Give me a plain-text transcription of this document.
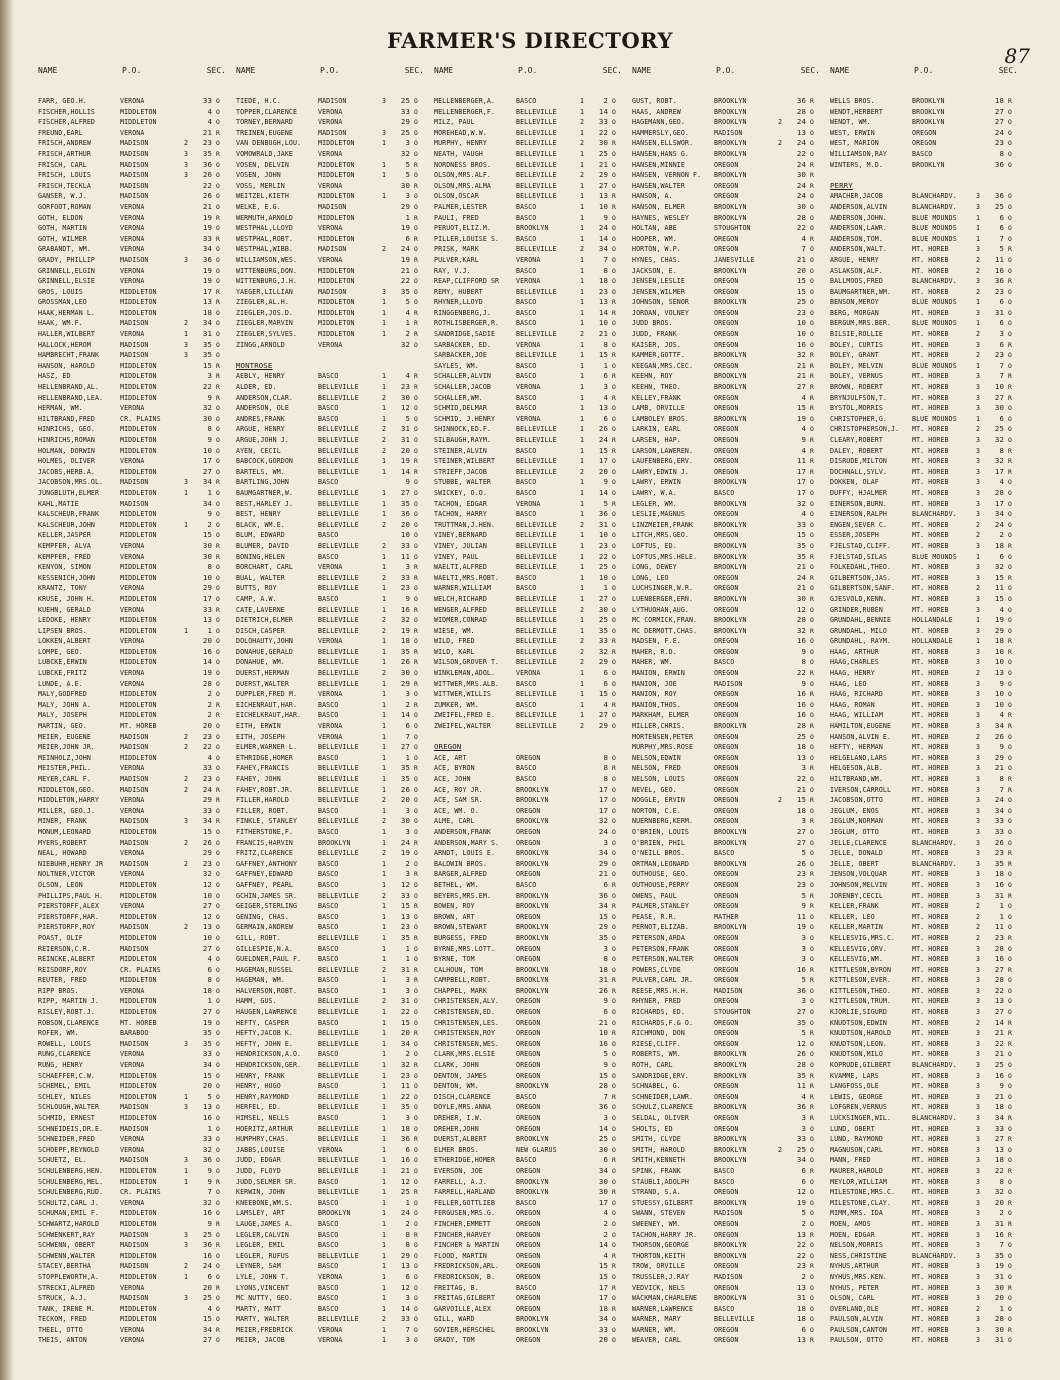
FARMER'S DIRECTORY
87
NAME	P.O.	SEC.
FARR, GEO.H.	VERONA	33 O
FISCHER,HOLLIS	MIDDLETON	4 O
FISCHER,ALFRED	MIDDLETON	4 O
FREUND,EARL	VERONA	21 R
FRISCH,ANDREW	MADISON	2	23 O
FRISCH,ARTHUR	MADISON	3	35 R
FRISCH, CARL	MADISON	3	36 O
FRISCH, LOUIS	MADISON	3	26 O
FRISCH,TECKLA	MADISON	22 O
GANSER, W.J.	MADISON	26 O
GORFOOT,ROMAN	VERONA	21 O
GOTH, ELDON	VERONA	19 R
GOTH, MARTIN	VERONA	19 O
GOTH, WILMER	VERONA	33 R
GRABANDT, WM.	VERONA	34 O
GRADY, PHILLIP	MADISON	3	36 O
GRINNELL,ELGIN	VERONA	19 O
GRINNELL,ELSIE	VERONA	19 O
GROS, LOUIS	MIDDLETON	17 R
GROSSMAN,LEO	MIDDLETON	13 R
HAAK,HERMAN L.	MIDDLETON	18 O
HAAK, WM.F.	MADISON	2	34 O
HALLER,WILBERT	VERONA	1	31 O
HALLOCK,HEROM	MADISON	3	35 O
HAMBRECHT,FRANK	MADISON	3	35 O
HANSON, HAROLD	MIDDLETON	15 R
HASZ, ED	MIDDLETON	3 R
HELLENBRAND,AL.	MIDDLETON	22 R
HELLENBRAND,LEA.	MIDDLETON	9 R
HERMAN, WM.	VERONA	32 O
HILTBRAND,FRED	CR. PLAINS	30 O
HINRICHS, GEO.	MIDDLETON	8 O
HINRICHS,ROMAN	MIDDLETON	9 O
HOLMAN, DORWIN	MIDDLETON	10 O
HOLMES, OLIVER	VERONA	17 O
JACOBS,HERB.A.	MIDDLETON	27 O
JACOBSON,MRS.OL.	MADISON	3	34 R
JUNGBLUTH,ELMER	MIDDLETON	1	1 O
KAHL,MATIE	MADISON	34 O
KALSCHEUR,FRANK	MIDDLETON	9 O
KALSCHEUR,JOHN	MIDDLETON	1	2 O
KELLER,JASPER	MIDDLETON	15 O
KEMPFER, ALVA	VERONA	30 R
KEMPFER, FRED	VERONA	30 R
KENYON, SIMON	MIDDLETON	8 O
KESSENICH,JOHN	MIDDLETON	10 O
KRANTZ, TONY	VERONA	29 O
KRUSE, JOHN H.	MIDDLETON	17 O
KUEHN, GERALD	VERONA	33 R
LEDOKE, HENRY	MIDDLETON	13 O
LIPSEN BROS.	MIDDLETON	1	1 O
LOKKEN,ALBERT	VERONA	20 O
LOMPE, GEO.	MIDDLETON	16 O
LUBCKE,ERWIN	MIDDLETON	14 O
LUBCKE,FRITZ	VERONA	19 O
LUNDE, A.E.	VERONA	28 O
MALY,GODFRED	MIDDLETON	2 O
MALY, JOHN A.	MIDDLETON	2 R
MALY, JOSEPH	MIDDLETON	2 R
MARTIN, GEO.	MT. HOREB	20 O
MEIER, EUGENE	MADISON	2	23 O
MEIER,JOHN JR.	MADISON	2	22 O
MEINHOLZ,JOHN	MIDDLETON	4 O
MEISTER,PHIL.	VERONA	33 O
MEYER,CARL F.	MADISON	2	23 O
MIDDLETON,GEO.	MADISON	2	24 R
MIDDLETON,HARRY	VERONA	29 R
MILLER, GEO.J.	VERONA	33 O
MINER, FRANK	MADISON	3	34 R
MONUM,LEONARD	MIDDLETON	15 O
MYERS,ROBERT	MADISON	2	26 O
NEAL, HOWARD	VERONA	29 O
NIEBUHR,HENRY JR	MADISON	2	23 O
NOLTNER,VICTOR	VERONA	32 O
OLSON, LEON	MIDDLETON	12 O
PHILLIPS,PAUL H.	MIDDLETON	10 O
PIERSTORFF,ALEX	VERONA	27 O
PIERSTORFF,HAR.	MIDDLETON	12 O
PIERSTORFF,ROY	MADISON	2	13 O
POAST, OLIF	MIDDLETON	10 O
REIERSON,C.R.	MADISON	27 O
REINCKE,ALBERT	MIDDLETON	4 O
REISDORF,ROY	CR. PLAINS	6 O
REUTER, FRED	MIDDLETON	8 O
RIPP BROS.	VERONA	18 O
RIPP, MARTIN J.	MIDDLETON	1 O
RISLEY,ROBT.J.	MIDDLETON	27 O
ROBSON,CLARENCE	MT. HOREB	19 O
ROFER, WM.	BARABOO	35 O
ROWELL, LOUIS	MADISON	3	35 O
RUNG,CLARENCE	VERONA	33 O
RUNG, HENRY	VERONA	34 O
SCHAEFFER,C.W.	MIDDLETON	15 O
SCHEMEL, EMIL	MIDDLETON	20 O
SCHLEY, NILES	MIDDLETON	1	5 O
SCHLOUGH,WALTER	MADISON	3	13 O
SCHMID, ERNEST	MIDDLETON	16 O
SCHNEIDEIS,DR.E.	MADISON	1 O
SCHNEIDER,FRED	VERONA	33 O
SCHOEPF,REYNOLD	VERONA	32 O
SCHUETZ, EL.	MADISON	3	36 O
SCHULENBERG,HEN.	MIDDLETON	1	9 O
SCHULENBERG,MEL.	MIDDLETON	1	9 R
SCHULENBERG,RUD.	CR. PLAINS	7 O
SCHULTZ,CARL J.	VERONA	32 O
SCHUMAN,EMIL F.	MIDDLETON	16 O
SCHWARTZ,HAROLD	MIDDLETON	9 R
SCHWENKERT,RAY	MADISON	3	25 O
SCHWENN, OBERT	MADISON	3	36 R
SCHWENN,WALTER	MIDDLETON	16 O
STACEY,BERTHA	MADISON	2	24 O
STOPPLEWORTH,A.	MIDDLETON	1	6 O
STRECKI,ALFRED	VERONA	20 R
STRUCK, A.J.	MADISON	3	25 O
TANK, IRENE M.	MIDDLETON	4 O
TECKOM, FRED	MIDDLETON	15 O
THEEL, OTTO	VERONA	34 R
THEIS, ANTON	VERONA	27 O
NAME	P.O.	SEC.
TIEDE, H.C.	MADISON	3	25 O
TOPPER,CLARENCE	VERONA	33 O
TORNEY,BERNARD	VERONA	29 O
TREINEN,EUGENE	MADISON	3	25 O
VAN DENBUGH,LOU.	MIDDLETON	1	3 O
VOMOWRALD,JAKE	VERONA	32 O
VOSEN, DELVIN	MIDDLETON	1	5 R
VOSEN, JOHN	MIDDLETON	1	5 O
VOSS, MERLIN	VERONA	30 R
WEITZEL,KIETH	MIDDLETON	1	3 O
WELKE, E.G.	MADISON	29 O
WERMUTH,ARNOLD	MIDDLETON	1 R
WESTPHAL,LLOYD	VERONA	19 O
WESTPHAL,ROBT.	MIDDLETON	6 R
WESTPHAL,WIBB.	MADISON	2	24 O
WILLIAMSON,WES.	VERONA	19 R
WITTENBURG,DON.	MIDDLETON	21 O
WITTENBURG,J.H.	MIDDLETON	22 O
YAEGER,LILLIAN	MADISON	3	35 O
ZIEGLER,AL.H.	MIDDLETON	1	5 O
ZIEGLER,JOS.D.	MIDDLETON	1	4 R
ZIEGLER,MARVIN	MIDDLETON	1	1 R
ZIEGLER,SYLVES.	MIDDLETON	1	2 R
ZINGG,ARNOLD	VERONA	32 O
MONTROSE
AEBLY, HENRY	BASCO	1	4 R
ALDER, ED.	BELLEVILLE	1	23 R
ANDERSON,CLAR.	BELLEVILLE	2	30 O
ANDERSON, OLE	BASCO	1	12 O
ANDRES,FRANK	BASCO	1	5 O
ARGUE, HENRY	BELLEVILLE	2	31 O
ARGUE,JOHN J.	BELLEVILLE	2	31 O
AYEN, CECIL	BELLEVILLE	2	20 O
BABCOCK,GORDON	BELLEVILLE	1	19 R
BARTELS, WM.	BELLEVILLE	1	14 R
BARTLING,JOHN	BASCO	9 O
BAUMGARTNER,W.	BELLEVILLE	1	27 O
BEST,HARLEY J.	BELLEVILLE	1	35 O
BEST, HENRY	BELLEVILLE	1	36 O
BLACK, WM.E.	BELLEVILLE	2	20 O
BLUM, EDWARD	BASCO	10 O
BLUMER, DAVID	BELLEVILLE	2	33 O
BONING,HELEN	BASCO	1	11 O
BORCHART, CARL	VERONA	1	3 R
BUAL, WALTER	BELLEVILLE	2	33 R
BUTTS, ROY	BELLEVILLE	1	23 O
CAMP, A.W.	BASCO	1	9 O
CATE,LAVERNE	BELLEVILLE	1	16 R
DIETRICH,ELMER	BELLEVILLE	2	32 O
DISCH,CASPER	BELLEVILLE	2	19 R
DOLOHAUTY,JOHN	VERONA	1	18 O
DONAHUE,GERALD	BELLEVILLE	1	35 R
DONAHUE, WM.	BELLEVILLE	1	26 R
DUERST,HERMAN	BELLEVILLE	2	30 O
DUERST,WALTER	BELLEVILLE	1	29 R
DUPPLER,FRED M.	VERONA	1	3 O
EICHENRAUT,HAR.	BASCO	1	2 R
EICHELKRAUT,HAR.	BASCO	1	14 O
EITH, ERWIN	VERONA	1	6 O
EITH, JOSEPH	VERONA	1	7 O
ELMER,WARNER L.	BELLEVILLE	1	27 O
ETHRIDGE,HOMER	BASCO	1	1 O
FAHEY,FRANCIS	BELLEVILLE	1	35 R
FAHEY, JOHN	BELLEVILLE	1	35 O
FAHEY,ROBT.JR.	BELLEVILLE	1	26 O
FILLER,HAROLD	BELLEVILLE	2	20 O
FILLER, ROBT.	BASCO	1	3 O
FINKLE, STANLEY	BELLEVILLE	2	30 O
FITHERSTONE,F.	BASCO	1	3 O
FRANCIS,HARVIN	BROOKLYN	1	24 R
FRITZ,CLARENCE	BELLEVILLE	2	19 O
GAFFNEY,ANTHONY	BASCO	1	2 O
GAFFNEY,EDWARD	BASCO	1	3 R
GAFFNEY, PEARL	BASCO	1	12 O
GCHIN,JAMES SR.	BELLEVILLE	2	33 O
GEIGER,STERLING	BASCO	1	15 R
GENING, CHAS.	BASCO	1	13 O
GERMAIN,ANDREW	BASCO	1	23 O
GILL, ROBT.	BELLEVILLE	1	35 R
GILLESPIE,N.A.	BASCO	1	1 O
GUELDNER,PAUL F.	BASCO	1	1 O
HAGEMAN,RUSSEL	BELLEVILLE	2	31 R
HAGEMAN, WM.	BASCO	1	3 R
HALVERSON,ROBT.	BASCO	1	3 O
HAMM, GUS.	BELLEVILLE	2	31 O
HAUGEN,LAWRENCE	BELLEVILLE	1	22 O
HEFTY, CASPER	BASCO	1	15 O
HEFTY,JACOB K.	BELLEVILLE	1	20 R
HEFTY, JOHN E.	BELLEVILLE	1	34 O
HENDRICKSON,A.O.	BASCO	1	2 O
HENDRICKSON,GER.	BELLEVILLE	1	32 R
HENRY, FRANK	BELLEVILLE	1	23 O
HENRY, HUGO	BASCO	1	11 O
HENRY,RAYMOND	BELLEVILLE	1	22 O
HERFEL, ED.	BELLEVILLE	1	35 O
HIMSEL, NELLS	BASCO	1	3 O
HOERITZ,ARTHUR	BELLEVILLE	1	18 O
HUMPHRY,CHAS.	BELLEVILLE	1	36 R
JABBS,LOUISE	VERONA	1	6 O
JUDD, EDGAR	BELLEVILLE	1	16 O
JUDD, FLOYD	BELLEVILLE	1	21 O
JUDD,SELMER SR.	BASCO	1	12 O
KERWIN, JOHN	BELLEVILLE	1	25 R
KNEEBONE,WM.S.	BASCO	1	1 O
LAMSLEY, ART	BROOKLYN	1	24 O
LAUGE,JAMES A.	BASCO	1	2 O
LEGLER,CALVIN	BASCO	1	8 R
LEGLER, EMIL	BASCO	1	8 O
LEGLER, RUFUS	BELLEVILLE	1	29 O
LEYNER, SAM	BASCO	1	13 O
LYLE, JOHN T.	VERONA	1	6 O
LYONS,VINCENT	BASCO	1	12 O
MC NUTTY, GEO.	BASCO	1	3 O
MARTY, MATT	BASCO	1	14 O
MARTY, WALTER	BELLEVILLE	2	33 O
MEIER,FREDRICK	VERONA	1	7 O
MEIER, JACOB	VERONA	1	3 O
NAME	P.O.	SEC.
MELLENBERGER,A.	BASCO	1	2 O
MELLENBERGER,F.	BELLEVILLE	1	14 O
MILZ, PAUL	BELLEVILLE	2	33 O
MOREHEAD,W.W.	BELLEVILLE	1	22 O
MURPHY, HENRY	BELLEVILLE	2	30 R
NEATH, VAUGH	BELLEVILLE	1	25 O
NORDNESS BROS.	BELLEVILLE	1	21 O
OLSON,MRS.ALF.	BELLEVILLE	2	29 O
OLSON,MRS.ALMA	BELLEVILLE	1	27 O
OLSON,OSCAR	BELLEVILLE	1	13 R
PALMER,LESTER	BASCO	1	10 R
PAULI, FRED	BASCO	1	9 O
PERUOT,ELIZ.M.	BROOKLYN	1	24 O
PILLER,LOUISE S.	BASCO	1	14 O
PRISK, MARK	BELLEVILLE	2	34 O
PULVER,KARL	VERONA	1	7 O
RAY, V.J.	BASCO	1	8 O
REAP,CLIFFORD SR	VERONA	1	18 O
REMY, HUBERT	BELLEVILLE	1	23 O
RHYNER,LLOYD	BASCO	1	13 R
RINGGENBERG,J.	BASCO	1	14 R
ROTHLISBERGER,R.	BASCO	1	10 O
SANDRIDGE,SADIE	BELLEVILLE	2	21 O
SARBACKER, ED.	VERONA	1	8 O
SARBACKER,JOE	BELLEVILLE	1	15 R
SAYLES, WM.	BASCO	1	1 O
SCHALLER,ALVIN	BASCO	1	6 R
SCHALLER,JACOB	VERONA	1	3 O
SCHALLER,WM.	BASCO	1	4 R
SCHMID,DELMAR	BASCO	1	13 O
SCHMID, J.HENRY	VERONA	1	6 O
SHINNOCK,ED.F.	BELLEVILLE	1	26 O
SILBAUGH,RAYM.	BELLEVILLE	1	24 R
STEINER,ALVIN	BASCO	1	15 R
STEINER,WILBERT	BELLEVILLE	1	17 O
STRIEFF,JACOB	BELLEVILLE	2	20 O
STUBBE, WALTER	BASCO	1	9 O
SWICKEY, O.O.	BASCO	1	14 O
TACHON, EDGAR	VERONA	1	5 R
TACHON, HARRY	BASCO	1	36 O
TRUTTMAN,J.HEN.	BELLEVILLE	2	31 O
VINEY,BERNARD	BELLEVILLE	1	10 O
VINEY, JULIAN	BELLEVILLE	1	23 O
VINEY, PAUL	BELLEVILLE	1	22 O
WAELTI,ALFRED	BELLEVILLE	1	25 O
WAELTI,MRS.ROBT.	BASCO	1	10 O
WARNER,WILLIAM	BASCO	1	1 O
WELCH,RICHARD	BELLEVILLE	1	27 O
WENGER,ALFRED	BELLEVILLE	2	30 O
WIDMER,CONRAD	BELLEVILLE	1	25 O
WIESE, WM.	BELLEVILLE	1	35 O
WILD, FRED	BELLEVILLE	2	33 R
WILD, KARL	BELLEVILLE	2	32 R
WILSON,GROVER T.	BELLEVILLE	2	29 O
WINKLEMAN,ADOL.	VERONA	1	6 O
WITTWER,MRS.ALB.	BASCO	1	6 O
WITTWER,WILLIS	BELLEVILLE	1	15 O
ZUMKER, WM.	BASCO	1	4 R
ZWEIFEL,FRED E.	BELLEVILLE	1	27 O
ZWEIFEL,WALTER	BELLEVILLE	2	29 O
OREGON
ACE, ART	OREGON	8 O
ACE, BYRON	BASCO	8 R
ACE, JOHN	BASCO	8 O
ACE, ROY JR.	BROOKLYN	17 O
ACE, SAM SR.	BROOKLYN	17 O
ACE, WM. O.	OREGON	17 O
ALME, CARL	BROOKLYN	32 O
ANDERSON,FRANK	OREGON	24 O
ANDERSON,MARY S.	OREGON	3 O
ARNDT, LOUIS E.	BROOKLYN	34 O
BALDWIN BROS.	BROOKLYN	29 O
BARGER,ALFRED	OREGON	21 O
BETHEL, WM.	BASCO	6 R
BEYERS,MRS.EM.	BROOKLYN	36 O
BOWEN, ROY	BROOKLYN	34 R
BROWN, ART	OREGON	15 O
BROWN,STEWART	BROOKLYN	29 O
BURGESS, FRED	BROOKLYN	35 O
BYRNE,MRS.LOTT.	OREGON	3 O
BYRNE, TOM	OREGON	8 O
CALHOUN, TOM	BROOKLYN	18 O
CAMPBELL,ROBT.	BROOKLYN	31 R
CHAPPEL, MARK	BROOKLYN	26 R
CHRISTENSEN,ALV.	OREGON	9 O
CHRISTENSEN,ED.	OREGON	6 O
CHRISTENSEN,LES.	OREGON	21 O
CHRISTENSEN,ROY	OREGON	10 R
CHRISTENSEN,WES.	OREGON	16 O
CLARK,MRS.ELSIE	OREGON	5 O
CLARK, JOHN	OREGON	9 O
DENTON, JAMES	OREGON	15 O
DENTON, WM.	BROOKLYN	28 O
DISCH,CLARENCE	BASCO	7 R
DOYLE,MRS.ANNA	OREGON	36 O
DREHER, I.W.	OREGON	3 O
DREHER,JOHN	OREGON	14 O
DUERST,ALBERT	BROOKLYN	25 O
ELMER BROS.	NEW GLARUS	30 O
ETHERIDGE,HOMER	BASCO	6 R
EVERSON, JOE	OREGON	34 O
FARRELL, A.J.	BROOKLYN	30 O
FARRELL,HARLAND	BROOKLYN	30 R
FELLER,GOTTLIEB	BASCO	17 O
FERGUSEN,MRS.G.	OREGON	4 O
FINCHER,EMMETT	OREGON	2 O
FINCHER,HARVEY	OREGON	2 O
FINCHER & MARTIN	OREGON	14 O
FLOOD, MARTIN	OREGON	4 R
FREDRICKSON,ARL.	OREGON	15 R
FREDRICKSON, B.	OREGON	15 O
FREITAG, B.	BASCO	17 R
FREITAG,GILBERT	OREGON	17 O
GARVOILLE,ALEX	OREGON	18 R
GILL, WARD	BROOKLYN	34 O
GOVIER,HERSCHEL	BROOKLYN	33 O
GRADY, TOM	OREGON	20 O
NAME	P.O.	SEC.
GUST, ROBT.	BROOKLYN	36 R
HAAS, ANDREW	BROOKLYN	28 O
HAGEMANN,GEO.	BROOKLYN	2	24 O
HAMMERSLY,GEO.	MADISON	13 O
HANSEN,ELLSWOR.	BROOKLYN	2	24 O
HANSEN,HANS G.	BROOKLYN	22 O
HANSEN,MINNIE	OREGON	24 R
HANSEN, VERNON F.	BROOKLYN	30 R
HANSEN,WALTER	OREGON	24 R
HANSON, A.	OREGON	24 O
HANSON, ELMER	BROOKLYN	30 O
HAYNES, WESLEY	BROOKLYN	28 O
HOLTAN, ABE	STOUGHTON	22 O
HOOPER, WM.	OREGON	4 R
HORTON, W.P.	OREGON	7 O
HYNES, CHAS.	JANESVILLE	21 O
JACKSON, E.	BROOKLYN	20 O
JENSEN,LESLIE	OREGON	15 O
JENSEN,WILMER	OREGON	15 O
JOHNSON, SENOR	BROOKLYN	25 O
JORDAN, VOLNEY	OREGON	23 O
JUDD BROS.	OREGON	10 O
JUDD, FRANK	OREGON	10 O
KAISER, JOS.	OREGON	16 O
KAMMER,GOTTF.	BROOKLYN	32 R
KEEGAN,MRS.CEC.	OREGON	21 R
KEEHN, ROY	BROOKLYN	21 R
KEEHN, THEO.	BROOKLYN	27 R
KELLEY,FRANK	OREGON	4 R
LAMB, ORVILLE	OREGON	15 R
LAMBOLEY BROS.	BROOKLYN	19 O
LARKIN, EARL	OREGON	4 O
LARSEN, HAP.	OREGON	9 R
LARSON,LAWEREN.	OREGON	4 R
LAUFENBERG,ERV.	OREGON	11 R
LAWRY,EDWIN J.	OREGON	17 R
LAWRY, ERWIN	BROOKLYN	17 O
LAWRY, W.A.	BASCO	17 O
LEGLER, WM.	BROOKLYN	32 O
LESLIE,MAGNUS	OREGON	4 O
LINZMEIER,FRANK	BROOKLYN	33 O
LITCH,MRS.GEO.	OREGON	15 O
LOFTUS, ED.	BROOKLYN	35 O
LOFTUS,MRS.HELE.	BROOKLYN	35 R
LONG, DEWEY	BROOKLYN	21 O
LONG, LEO	OREGON	24 R
LUCHSINGER,W.R.	OREGON	21 O
LUENBERGER,ERN.	BROOKLYN	30 R
LYTHUOHAN,AUG.	OREGON	12 O
MC CORMICK,FRAN.	BROOKLYN	28 O
MC DERMOTT,CHAS.	BROOKLYN	32 R
MADSEN, F.E.	OREGON	16 O
MAHER, R.D.	OREGON	9 O
MAHER, WM.	BASCO	8 O
MANION, ERWIN	OREGON	22 R
MANION, JOE	MADISON	9 O
MANION, ROY	OREGON	16 R
MANION,THOS.	OREGON	16 O
MARKHAM, ELMER	OREGON	16 O
MILLER,CHRIS.	BROOKLYN	28 R
MORTENSEN,PETER	OREGON	25 O
MURPHY,MRS.ROSE	OREGON	18 O
NELSON,EDWIN	OREGON	13 O
NELSON, FRED	OREGON	3 R
NELSON, LOUIS	OREGON	22 O
NEVEL, GEO.	OREGON	21 O
NOGGLE, ERVIN	OREGON	2	15 R
NORTON, C.E.	OREGON	18 O
NUERNBERG,KERM.	OREGON	3 R
O'BRIEN, LOUIS	BROOKLYN	27 O
O'BRIEN, PHIL	BROOKLYN	27 O
O'NEILL BROS.	BASCO	5 O
ORTMAN,LEONARD	BROOKLYN	26 O
OUTHOUSE, GEO.	OREGON	23 R
OUTHOUSE,PERRY	OREGON	23 O
OWENS, PAUL	OREGON	5 R
PALMER,STANLEY	OREGON	9 R
PEASE, R.R.	MATHER	11 O
PERNOT,ELIZAB.	BROOKLYN	19 O
PETERSON,ARDA	OREGON	3 O
PETERSON,FRANK	OREGON	3 O
PETERSON,WALTER	OREGON	3 O
POWERS,CLYDE	OREGON	16 R
PULVER,CARL JR.	OREGON	5 R
REESE,MRS.H.H.	MADISON	36 O
RHYNER, FRED	OREGON	3 O
RICHARDS, ED.	STOUGHTON	27 O
RICHARDS,F.& O.	OREGON	35 O
RICHMOND, DON	OREGON	5 R
RIESE,CLIFF.	OREGON	12 O
ROBERTS, WM.	BROOKLYN	26 O
ROTH, CARL	BROOKLYN	28 O
SANDRIDGE,ERV.	BROOKLYN	35 R
SCHNABEL, G.	OREGON	11 R
SCHNEIDER,LAWR.	OREGON	4 R
SCHULZ,CLARENCE	BROOKLYN	36 R
SELDAL, OLIVER	OREGON	3 R
SHOLTS, ED	OREGON	3 O
SMITH, CLYDE	BROOKLYN	33 O
SMITH, HAROLD	BROOKLYN	2	25 O
SMITH,KENNETH	BROOKLYN	34 O
SPINK, FRANK	BASCO	6 R
STAUBLI,ADOLPH	BASCO	6 O
STRAND, S.A.	OREGON	12 O
STUESSY,GILBERT	BROOKLYN	19 O
SWANN, STEVEN	MADISON	5 O
SWEENEY, WM.	OREGON	2 O
TACHON,HARRY JR.	OREGON	13 R
THORSON,GEORGE	BROOKLYN	22 O
THORTON,KEITH	BROOKLYN	22 O
TROW, ORVILLE	OREGON	23 R
TRUSSLER,J.RAY	MADISON	2 O
VEDVICK, NELS	OREGON	13 O
WACKMAN,CHARLENE	BROOKLYN	31 O
WARNER,LAWRENCE	BASCO	18 O
WARNER, MARY	BELLEVILLE	18 O
WARNER, WM.	OREGON	6 O
WEAVER, CARL	OREGON	13 R
NAME	P.O.	SEC.
WELLS BROS.	BROOKLYN	18 R
WENDT,HERBERT	BROOKLYN	27 O
WENDT, WM.	BROOKLYN	27 O
WEST, ERWIN	OREGON	24 O
WEST, MARION	OREGON	23 O
WILLIAMSON,RAY	BASCO	8 O
WINTERS, M.D.	BROOKLYN	36 O
PERRY
AMACHER,JACOB	BLANCHARDV.	3	36 O
ANDERSON,ALVIN	BLANCHARDV.	3	25 O
ANDERSON,JOHN.	BLUE MOUNDS	1	6 O
ANDERSON,LAWR.	BLUE MOUNDS	1	6 O
ANDERSON,TOM.	BLUE MOUNDS	1	7 O
ANDERSON,WALT.	MT. HOREB	3	5 R
ARGUE, HENRY	MT. HOREB	2	11 O
ASLAKSON,ALF.	MT. HOREB	2	16 O
BALLMOOS,FRED	BLANCHARDV.	3	36 R
BAUMGARTNER,WM.	MT. HOREB	2	23 O
BENSON,MEROY	BLUE MOUNDS	1	6 O
BERG, MORGAN	MT. HOREB	3	31 O
BERGUM,MRS.BER.	BLUE MOUNDS	1	6 O
BILSIE,ROLLIE	MT. HOREB	2	3 O
BOLEY, CURTIS	MT. HOREB	3	6 R
BOLEY, GRANT	MT. HOREB	2	23 O
BOLEY, MELVIN	BLUE MOUNDS	1	7 O
BOLEY, VERNUS	MT. HOREB	3	7 R
BROWN, ROBERT	MT. HOREB	3	10 R
BRYNJULFSON,T.	MT. HOREB	3	27 R
BYSTOL,MORRIS	MT. HOREB	3	30 O
CHRISTOPHER,G.	BLUE MOUNDS	1	6 O
CHRISTOPHERSON,J.	MT. HOREB	2	25 O
CLEARY,ROBERT	MT. HOREB	3	32 O
DALEY, ROBERT	MT. HOREB	3	8 R
DISRUDE,MILTON	MT. HOREB	3	32 R
DOCHNALL,SYLV.	MT. HOREB	3	17 R
DOKKEN, OLAF	MT. HOREB	3	4 O
DUFFY, HJALMER	MT. HOREB	3	28 O
EINERSON,BURN.	MT. HOREB	3	17 O
EINERSON,RALPH	BLANCHARDV.	3	34 O
ENGEN,SEVER C.	MT. HOREB	2	24 O
ESSER,JOSEPH	MT. HOREB	2	2 O
FJELSTAD,CLIFF.	MT. HOREB	3	18 R
FJELSTAD,SILAS	BLUE MOUNDS	1	6 O
FOLKEDAHL,THEO.	MT. HOREB	3	32 O
GILBERTSON,JAS.	MT. HOREB	3	15 R
GILBERTSON,SANF.	MT. HOREB	2	11 O
GJESVOLD,KENN.	MT. HOREB	3	15 O
GRINDER,RUBEN	MT. HOREB	3	4 O
GRUNDAHL,BENNIE	HOLLANDALE	1	19 O
GRUNDAHL, MILO	MT. HOREB	3	29 O
GRUNDAHL, RAYM.	HOLLANDALE	1	18 R
HAAG, ARTHUR	MT. HOREB	3	10 R
HAAG,CHARLES	MT. HOREB	3	10 O
HAAG, HENRY	MT. HOREB	2	13 O
HAAG, LEO	MT. HOREB	3	9 O
HAAG, RICHARD	MT. HOREB	3	10 O
HAAG, ROMAN	MT. HOREB	3	10 O
HAAG, WILLIAM	MT. HOREB	3	4 R
HAMILTON,EUGENE	MT. HOREB	3	34 R
HANSON,ALVIN E.	MT. HOREB	2	26 O
HEFTY, HERMAN	MT. HOREB	3	9 O
HELGELAND,LARS	MT. HOREB	3	29 O
HELGESON,ALB.	MT. HOREB	3	21 O
HILTBRAND,WM.	MT. HOREB	3	8 R
IVERSON,CARROLL	MT. HOREB	3	7 R
JACOBSON,OTTO	MT. HOREB	3	24 O
JEGLUM, ENOS	MT. HOREB	3	34 O
JEGLUM,NORMAN	MT. HOREB	3	33 O
JEGLUM, OTTO	MT. HOREB	3	33 O
JELLE,CLARENCE	BLANCHARDV.	3	26 O
JELLE, DONALD	MT. HOREB	3	23 R
JELLE, OBERT	BLANCHARDV.	3	35 R
JENSON,VOLQUAR	MT. HOREB	3	18 O
JOHNSON,MELVIN	MT. HOREB	3	16 O
JORENBY,CECIL	MT. HOREB	3	31 R
KELLER,FRANK	MT. HOREB	2	1 O
KELLER, LEO	MT. HOREB	2	1 O
KELLER,MARTIN	MT. HOREB	2	11 O
KELLESVIG,MRS.C.	MT. HOREB	2	23 R
KELLESVIG,ORV.	MT. HOREB	3	28 O
KELLESVIG,WM.	MT. HOREB	3	16 O
KITTLESON,BYRON	MT. HOREB	3	27 R
KITTLESON,EVER.	MT. HOREB	3	28 O
KITTLESON,THEO.	MT. HOREB	3	22 O
KITTLESON,TRUM.	MT. HOREB	3	13 O
KJORLIE,SIGURD	MT. HOREB	3	27 O
KNUDTSON,EDWIN	MT. HOREB	2	14 R
KNUDTSON,HAROLD	MT. HOREB	3	21 R
KNUDTSON,LEON.	MT. HOREB	3	22 R
KNUDTSON,MILO	MT. HOREB	3	21 O
KOPRUDE,GILBERT	BLANCHARDV.	3	25 O
KVAMME, LARS	MT. HOREB	3	16 O
LANGFOSS,OLE	MT. HOREB	3	9 O
LEWIS, GEORGE	MT. HOREB	3	21 O
LOFGREN,VERNUS	MT. HOREB	3	18 O
LUCKSINGER,WIL.	BLANCHARDV.	3	34 R
LUND, OBERT	MT. HOREB	3	33 O
LUND, RAYMOND	MT. HOREB	3	27 R
MAGNUSON,CARL	MT. HOREB	3	13 O
MANN, FRED	MT. HOREB	3	18 O
MAURER,HAROLD	MT. HOREB	3	22 R
MEYLOR,WILLIAM	MT. HOREB	3	8 O
MILESTONE,MRS.C.	MT. HOREB	3	32 O
MILESTONE,CLAY.	MT. HOREB	3	20 R
MIMM,MRS. IDA	MT. HOREB	3	2 O
MOEN, AMOS	MT. HOREB	3	31 R
MOEN, EDGAR	MT. HOREB	3	16 R
NELSON,MORRIS	MT. HOREB	3	7 O
NESS,CHRISTINE	BLANCHARDV.	3	35 O
NYHUS,ARTHUR	MT. HOREB	3	19 O
NYHUS,MRS.KEN.	MT. HOREB	3	31 O
NYHUS, PETER	MT. HOREB	3	30 R
OLSON, CARL	MT. HOREB	3	20 O
OVERLAND,OLE	MT. HOREB	2	1 O
PAULSON,ALVIN	MT. HOREB	3	28 O
PAULSON,CANTON	MT. HOREB	3	30 R
PAULSON, OTTO	MT. HOREB	3	31 O
